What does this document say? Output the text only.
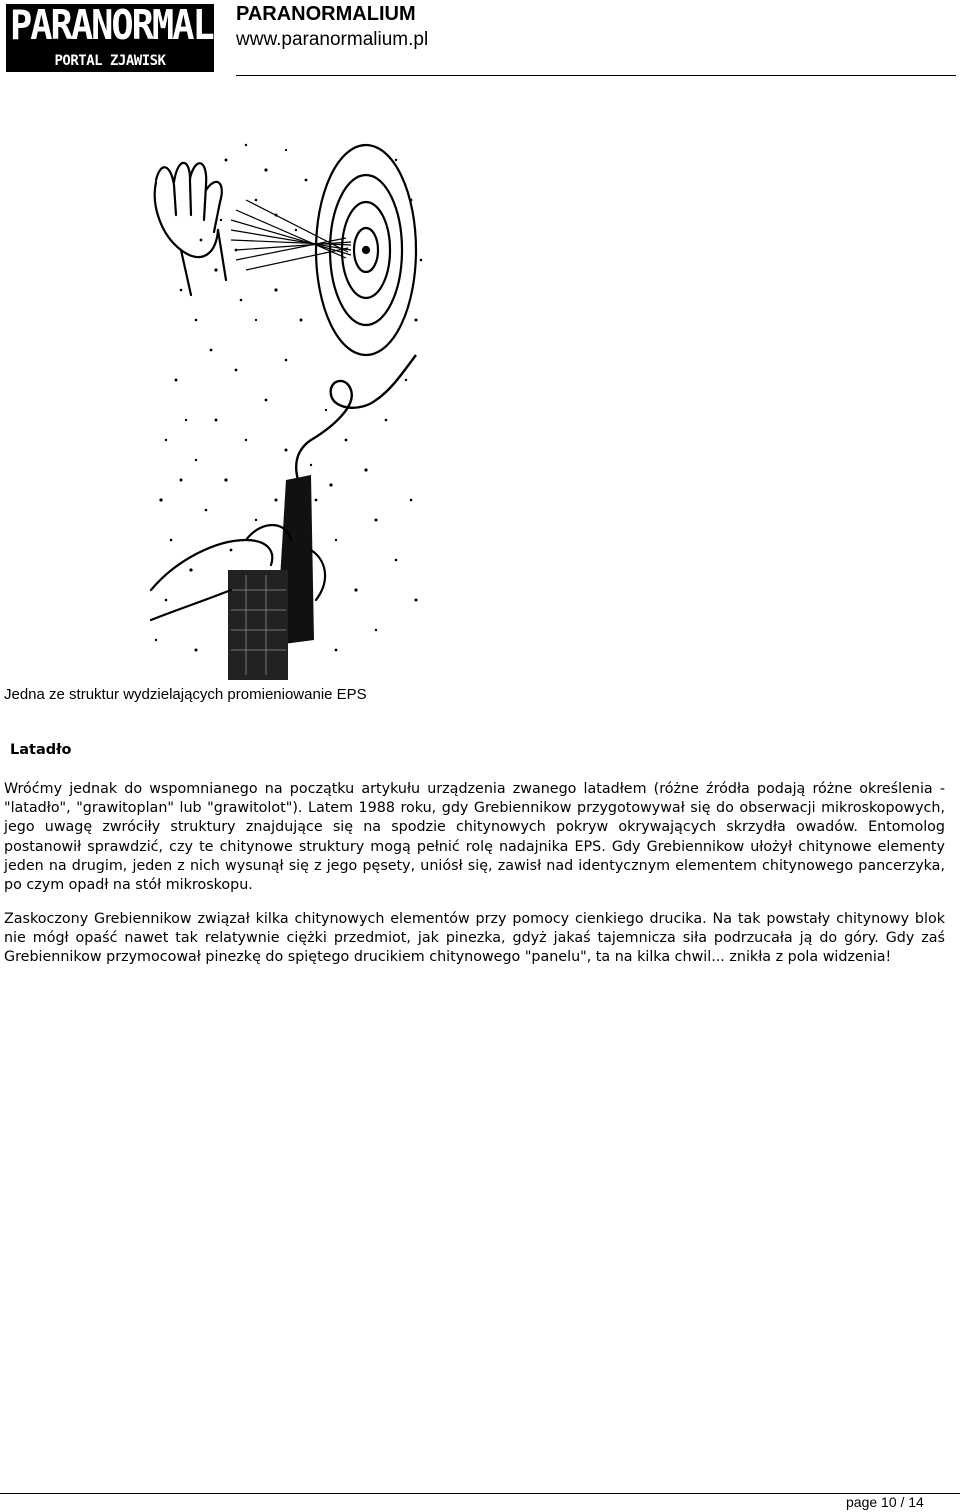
PARANORMALIUM
PORTAL ZJAWISK PARANORMALNYCH
PARANORMALIUM
www.paranormalium.pl
Jedna ze struktur wydzielających promieniowanie EPS
Latadło

Wróćmy jednak do wspomnianego na początku artykułu urządzenia zwanego latadłem (różne źródła podają różne określenia - "latadło", "grawitoplan" lub "grawitolot"). Latem 1988 roku, gdy Grebiennikow przygotowywał się do obserwacji mikroskopowych, jego uwagę zwróciły struktury znajdujące się na spodzie chitynowych pokryw okrywających skrzydła owadów. Entomolog postanowił sprawdzić, czy te chitynowe struktury mogą pełnić rolę nadajnika EPS. Gdy Grebiennikow ułożył chitynowe elementy jeden na drugim, jeden z nich wysunął się z jego pęsety, uniósł się, zawisł nad identycznym elementem chitynowego pancerzyka, po czym opadł na stół mikroskopu.

Zaskoczony Grebiennikow związał kilka chitynowych elementów przy pomocy cienkiego drucika. Na tak powstały chitynowy blok nie mógł opaść nawet tak relatywnie ciężki przedmiot, jak pinezka, gdyż jakaś tajemnicza siła podrzucała ją do góry. Gdy zaś Grebiennikow przymocował pinezkę do spiętego drucikiem chitynowego "panelu", ta na kilka chwil... znikła z pola widzenia!

page 10 / 14
